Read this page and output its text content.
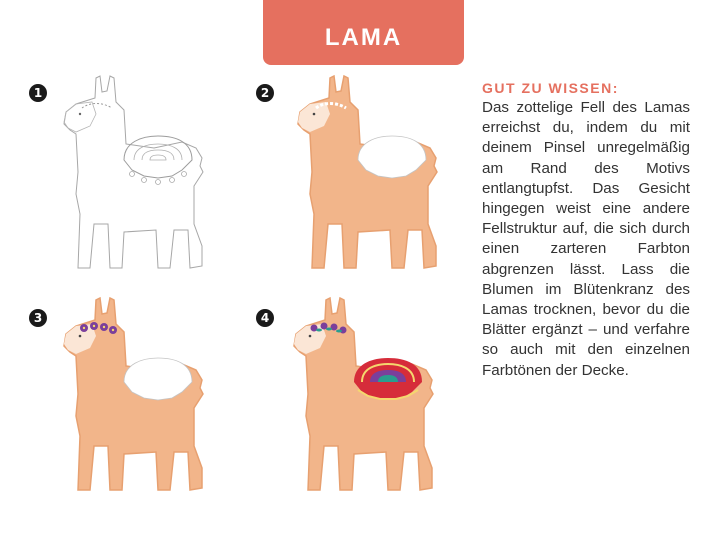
LAMA
1	2
3	4
GUT ZU WISSEN:

Das zottelige Fell des Lamas erreichst du, indem du mit deinem Pinsel unregelmäßig am Rand des Motivs entlangtupfst. Das Gesicht hingegen weist eine andere Fellstruktur auf, die sich durch einen zarteren Farbton abgrenzen lässt. Lass die Blumen im Blütenkranz des Lamas trocknen, bevor du die Blätter ergänzt – und verfahre so auch mit den einzelnen Farbtönen der Decke.
